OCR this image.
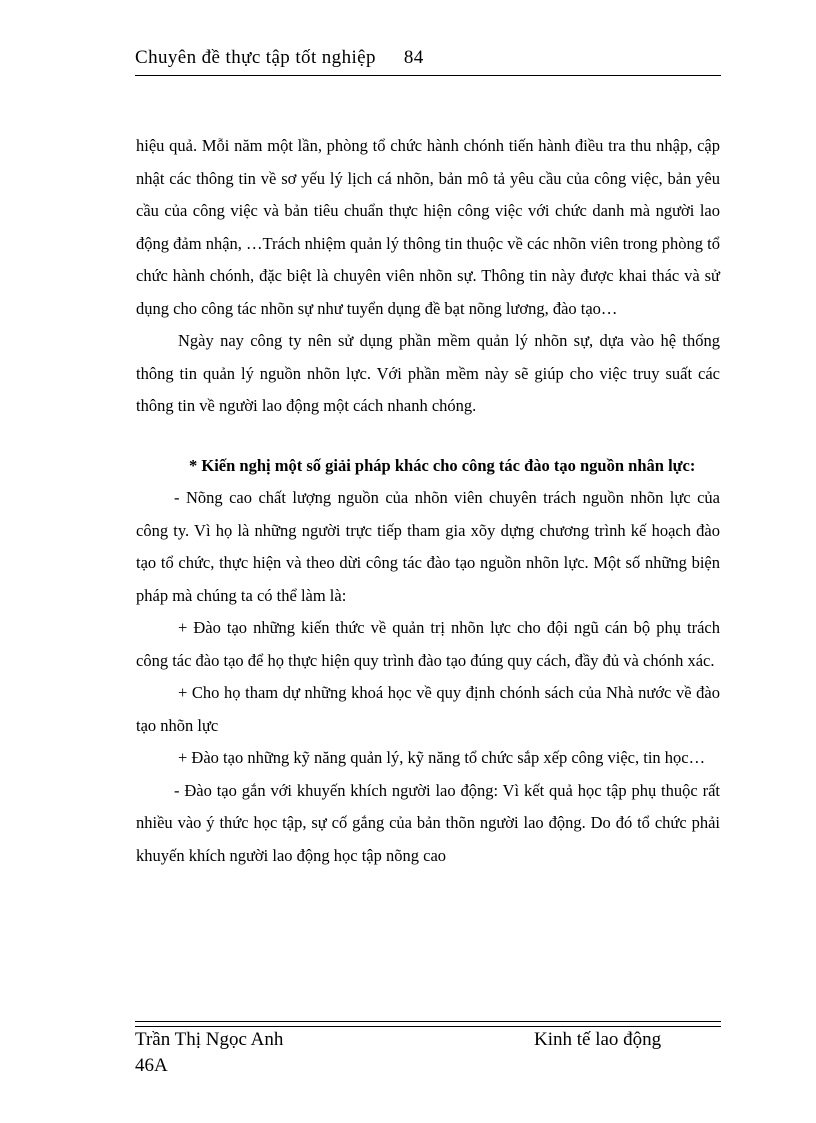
Chuyên đề thực tập tốt nghiệp 84

hiệu quả. Mỗi năm một lần, phòng tổ chức hành chónh tiến hành điều tra thu nhập, cập nhật các thông tin về sơ yếu lý lịch cá nhõn, bản mô tả yêu cầu của công việc, bản yêu cầu của công việc và bản tiêu chuẩn thực hiện công việc với chức danh mà người lao động đảm nhận, …Trách nhiệm quản lý thông tin thuộc về các nhõn viên trong phòng tổ chức hành chónh, đặc biệt là chuyên viên nhõn sự. Thông tin này được khai thác và sử dụng cho công tác nhõn sự như tuyển dụng đề bạt nõng lương, đào tạo…

Ngày nay công ty nên sử dụng phần mềm quản lý nhõn sự, dựa vào hệ thống thông tin quản lý nguồn nhõn lực. Với phần mềm này sẽ giúp cho việc truy suất các thông tin về người lao động một cách nhanh chóng.

* Kiến nghị một số giải pháp khác cho công tác đào tạo nguồn nhân lực:

- Nõng cao chất lượng nguồn của nhõn viên chuyên trách nguồn nhõn lực của công ty. Vì họ là những người trực tiếp tham gia xõy dựng chương trình kế hoạch đào tạo tổ chức, thực hiện và theo dừi công tác đào tạo nguồn nhõn lực. Một số những biện pháp mà chúng ta có thể làm là:

+ Đào tạo những kiến thức về quản trị nhõn lực cho đội ngũ cán bộ phụ trách công tác đào tạo để họ thực hiện quy trình đào tạo đúng quy cách, đầy đủ và chónh xác.

+ Cho họ tham dự những khoá học về quy định chónh sách của Nhà nước về đào tạo nhõn lực

+ Đào tạo những kỹ năng quản lý, kỹ năng tổ chức sắp xếp công việc, tin học…

- Đào tạo gắn với khuyến khích người lao động: Vì kết quả học tập phụ thuộc rất nhiều vào ý thức học tập, sự cố gắng của bản thõn người lao động. Do đó tổ chức phải khuyến khích người lao động học tập nõng cao

Trần Thị Ngọc Anh
46A
Kinh tế lao động
